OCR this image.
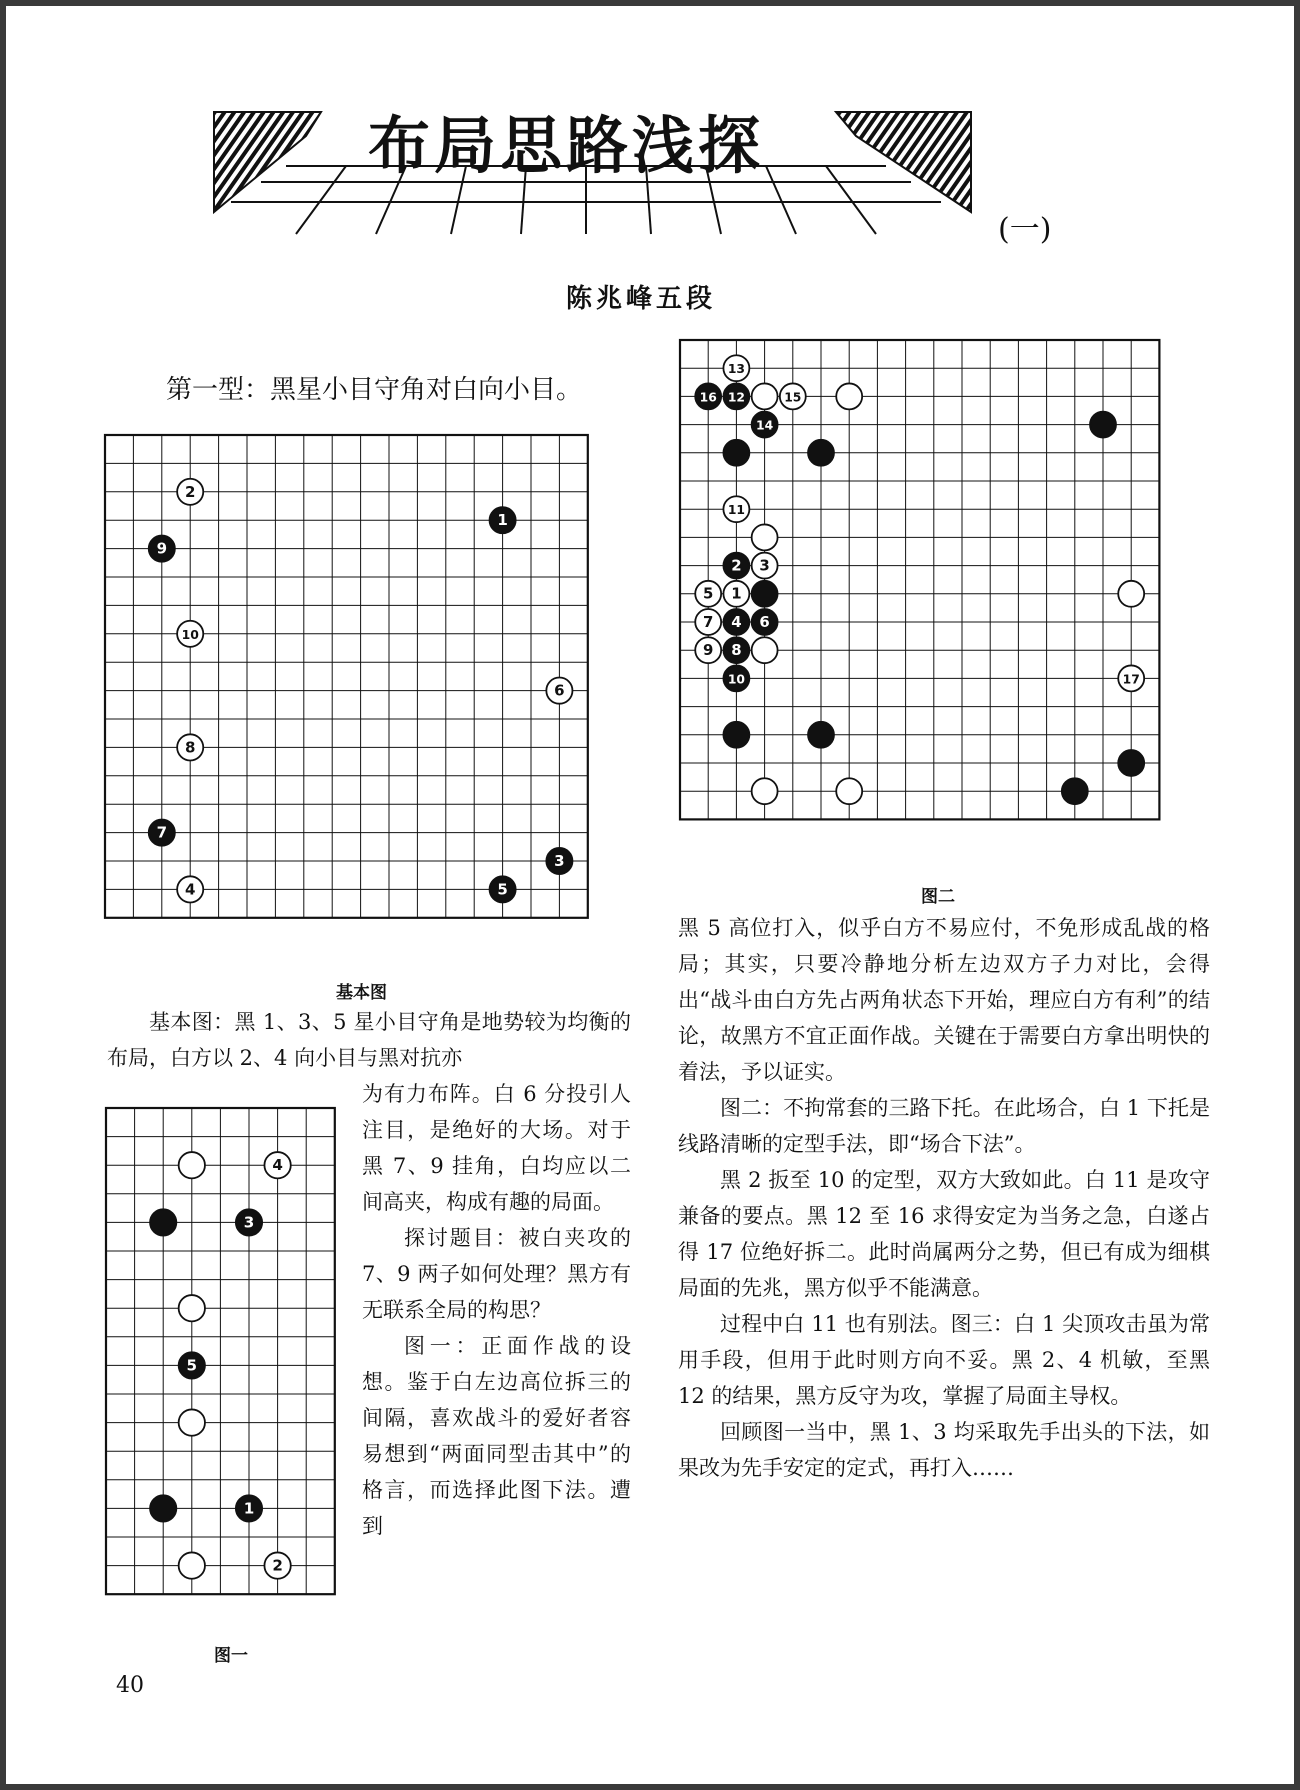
布局思路浅探
(一)
陈兆峰五段
第一型：黑星小目守角对白向小目。
1
2
3
4	5
6
7
8
9
10
基本图
4
3
5
1
2
图一
13
16 12	15
14
11
2 3
5 1
7 4 6
9 8
10	17
图二

基本图：黑 1、3、5 星小目守角是地势较为均衡的布局，白方以 2、4 向小目与黑对抗亦

为有力布阵。白 6 分投引人注目，是绝好的大场。对于黑 7、9 挂角，白均应以二间高夹，构成有趣的局面。

探讨题目：被白夹攻的 7、9 两子如何处理？黑方有无联系全局的构思？

图一：正面作战的设想。鉴于白左边高位拆三的间隔，喜欢战斗的爱好者容易想到“两面同型击其中”的格言，而选择此图下法。遭到

黑 5 高位打入，似乎白方不易应付，不免形成乱战的格局；其实，只要冷静地分析左边双方子力对比，会得出“战斗由白方先占两角状态下开始，理应白方有利”的结论，故黑方不宜正面作战。关键在于需要白方拿出明快的着法，予以证实。

图二：不拘常套的三路下托。在此场合，白 1 下托是线路清晰的定型手法，即“场合下法”。

黑 2 扳至 10 的定型，双方大致如此。白 11 是攻守兼备的要点。黑 12 至 16 求得安定为当务之急，白遂占得 17 位绝好拆二。此时尚属两分之势，但已有成为细棋局面的先兆，黑方似乎不能满意。

过程中白 11 也有别法。图三：白 1 尖顶攻击虽为常用手段，但用于此时则方向不妥。黑 2、4 机敏，至黑 12 的结果，黑方反守为攻，掌握了局面主导权。

回顾图一当中，黑 1、3 均采取先手出头的下法，如果改为先手安定的定式，再打入……

40
